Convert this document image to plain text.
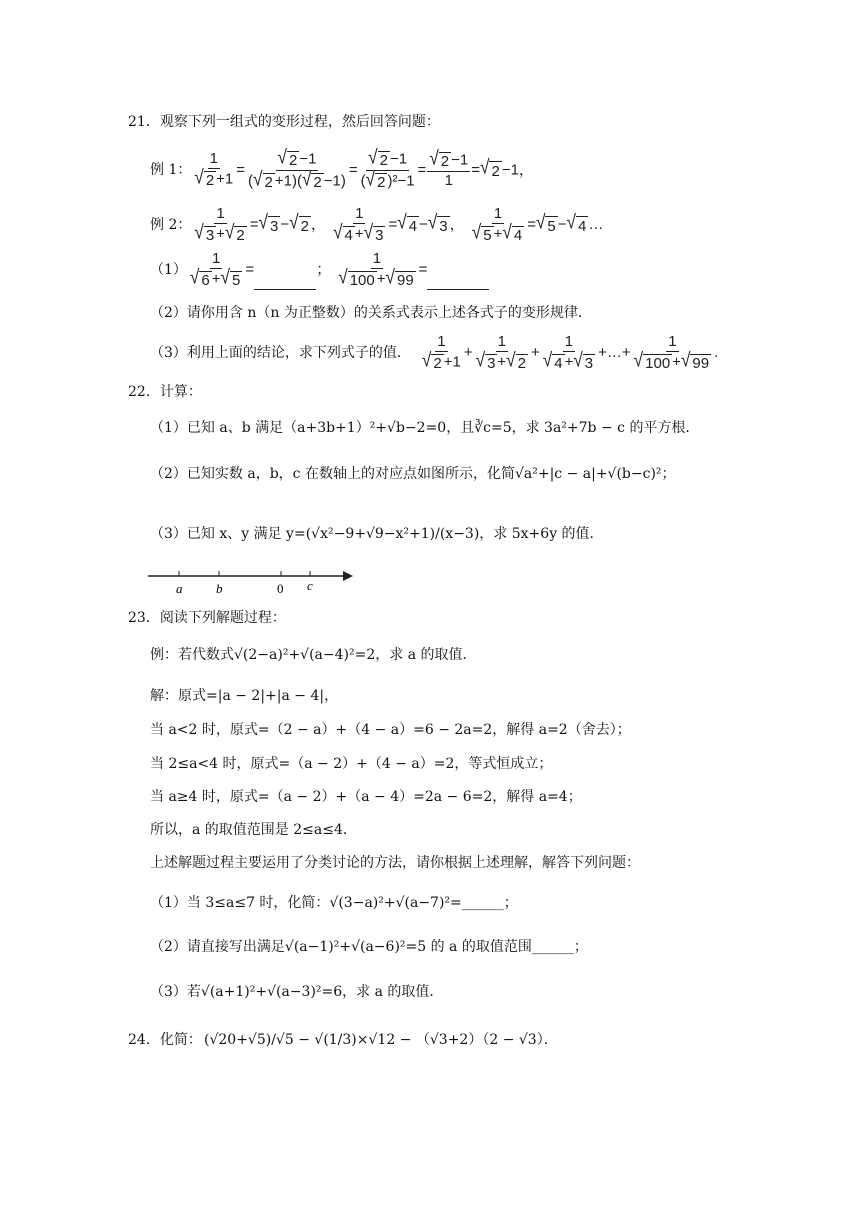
21．观察下列一组式的变形过程，然后回答问题：
例 1： $\frac{1}{√ 2 +1} = \frac{√ 2 -1}{( √ 2 +1)( √ 2 -1)} = \frac{√ 2 -1}{\text{( √ 2 )²−1}} = \frac{√ 2 -1}{1}$ = √ 2 −1，
例 2： $\frac{1}{√ 3 + √ 2}$ = √ 3 − √ 2 ， $\frac{1}{√ 4 + √ 3}$ = √ 4 − √ 3 ， $\frac{1}{√ 5 + √ 4}$ = √ 5 − √ 4 …
$(1) \frac{1}{√ 6 + √ 5}$ =	； $\frac{1}{√ 100 + √ 99}$ =
（2）请你用含 n（n 为正整数）的关系式表示上述各式子的变形规律．
（3）利用上面的结论，求下列式子的值． $\frac{1}{√ 2 +1} + \frac{1}{√ 3 + √ 2} + \frac{1}{√ 4 + √ 3}$ +…+ $\frac{1}{√ 100 + √ 99}$ .
22．计算：
（1）已知 a、b 满足（a+3b+1）²+√b−2=0，且∛c=5，求 3a²+7b − c 的平方根．
（2）已知实数 a，b，c 在数轴上的对应点如图所示，化简√a²+|c − a|+√(b−c)²；
（3）已知 x、y 满足 y=(√x²−9+√9−x²+1)/(x−3)，求 5x+6y 的值．
a	b	0 c
23．阅读下列解题过程：
例：若代数式√(2−a)²+√(a−4)²=2，求 a 的取值．
解：原式=|a − 2|+|a − 4|，
当 a<2 时，原式=（2 − a）+（4 − a）=6 − 2a=2，解得 a=2（舍去）；
当 2≤a<4 时，原式=（a − 2）+（4 − a）=2，等式恒成立；
当 a≥4 时，原式=（a − 2）+（a − 4）=2a − 6=2，解得 a=4；
所以，a 的取值范围是 2≤a≤4．
上述解题过程主要运用了分类讨论的方法，请你根据上述理解，解答下列问题：
（1）当 3≤a≤7 时，化简：√(3−a)²+√(a−7)²=______；
（2）请直接写出满足√(a−1)²+√(a−6)²=5 的 a 的取值范围______；
（3）若√(a+1)²+√(a−3)²=6，求 a 的取值．
24．化简： (√20+√5)/√5 − √(1/3)×√12 − （√3+2）（2 − √3）．
